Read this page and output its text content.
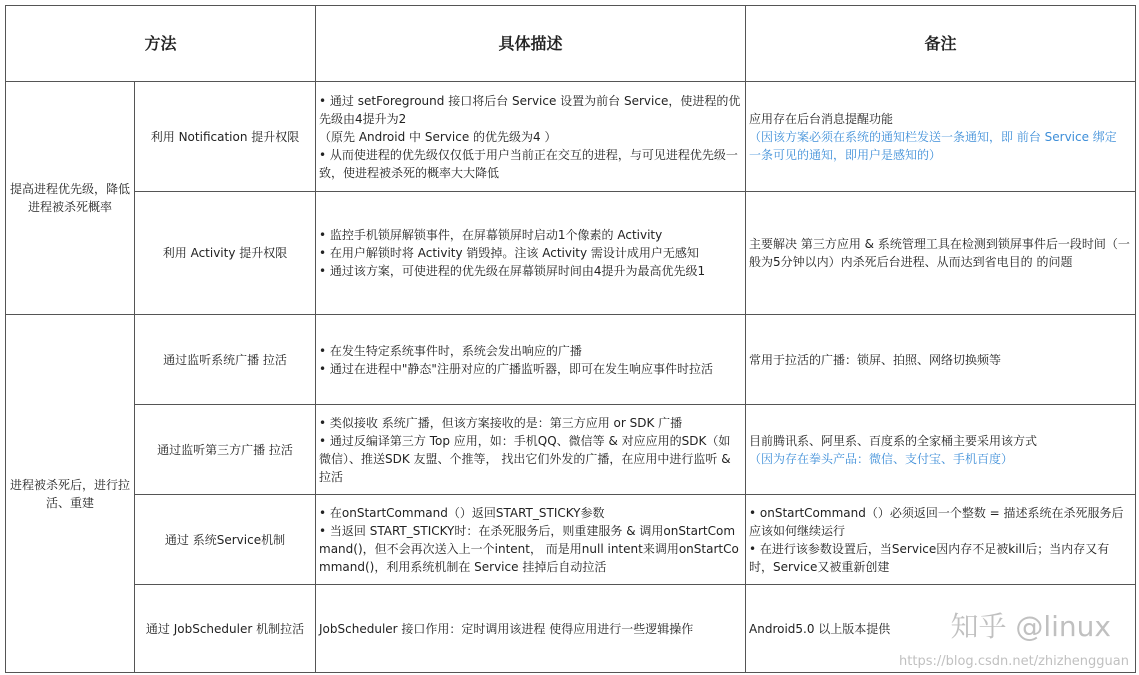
方法		具体描述	备注
提高进程优先级，降低进程被杀死概率	利用 Notification 提升权限	• 通过 setForeground 接口将后台 Service 设置为前台 Service，使进程的优先级由4提升为2
（原先 Android 中 Service 的优先级为4 ）
• 从而使进程的优先级仅仅低于用户当前正在交互的进程，与可见进程优先级一致，使进程被杀死的概率大大降低	应用存在后台消息提醒功能
（因该方案必须在系统的通知栏发送一条通知，即 前台 Service 绑定 一条可见的通知，即用户是感知的）

	利用 Activity 提升权限	• 监控手机锁屏解锁事件，在屏幕锁屏时启动1个像素的 Activity
• 在用户解锁时将 Activity 销毁掉。注该 Activity 需设计成用户无感知
• 通过该方案，可使进程的优先级在屏幕锁屏时间由4提升为最高优先级1	主要解决 第三方应用 & 系统管理工具在检测到锁屏事件后一段时间（一般为5分钟以内）内杀死后台进程、从而达到省电目的 的问题

进程被杀死后，进行拉活、重建	通过监听系统广播 拉活	• 在发生特定系统事件时，系统会发出响应的广播
• 通过在进程中"静态"注册对应的广播监听器，即可在发生响应事件时拉活	常用于拉活的广播：锁屏、拍照、网络切换频等

	通过监听第三方广播 拉活	• 类似接收 系统广播，但该方案接收的是：第三方应用 or SDK 广播
• 通过反编译第三方 Top 应用，如：手机QQ、微信等 & 对应应用的SDK（如微信）、推送SDK 友盟、个推等， 找出它们外发的广播，在应用中进行监听 & 拉活	目前腾讯系、阿里系、百度系的全家桶主要采用该方式
（因为存在拳头产品：微信、支付宝、手机百度）

	通过 系统Service机制	• 在onStartCommand（）返回START_STICKY参数
• 当返回 START_STICKY时：在杀死服务后，则重建服务 & 调用onStartCommand()，但不会再次送入上一个intent， 而是用null intent来调用onStartCommand()，利用系统机制在 Service 挂掉后自动拉活	• onStartCommand（）必须返回一个整数 = 描述系统在杀死服务后应该如何继续运行
• 在进行该参数设置后，当Service因内存不足被kill后；当内存又有时，Service又被重新创建

	通过 JobScheduler 机制拉活	JobScheduler 接口作用：定时调用该进程 使得应用进行一些逻辑操作	Android5.0 以上版本提供	知乎 @linux
https://blog.csdn.net/zhizhengguan
